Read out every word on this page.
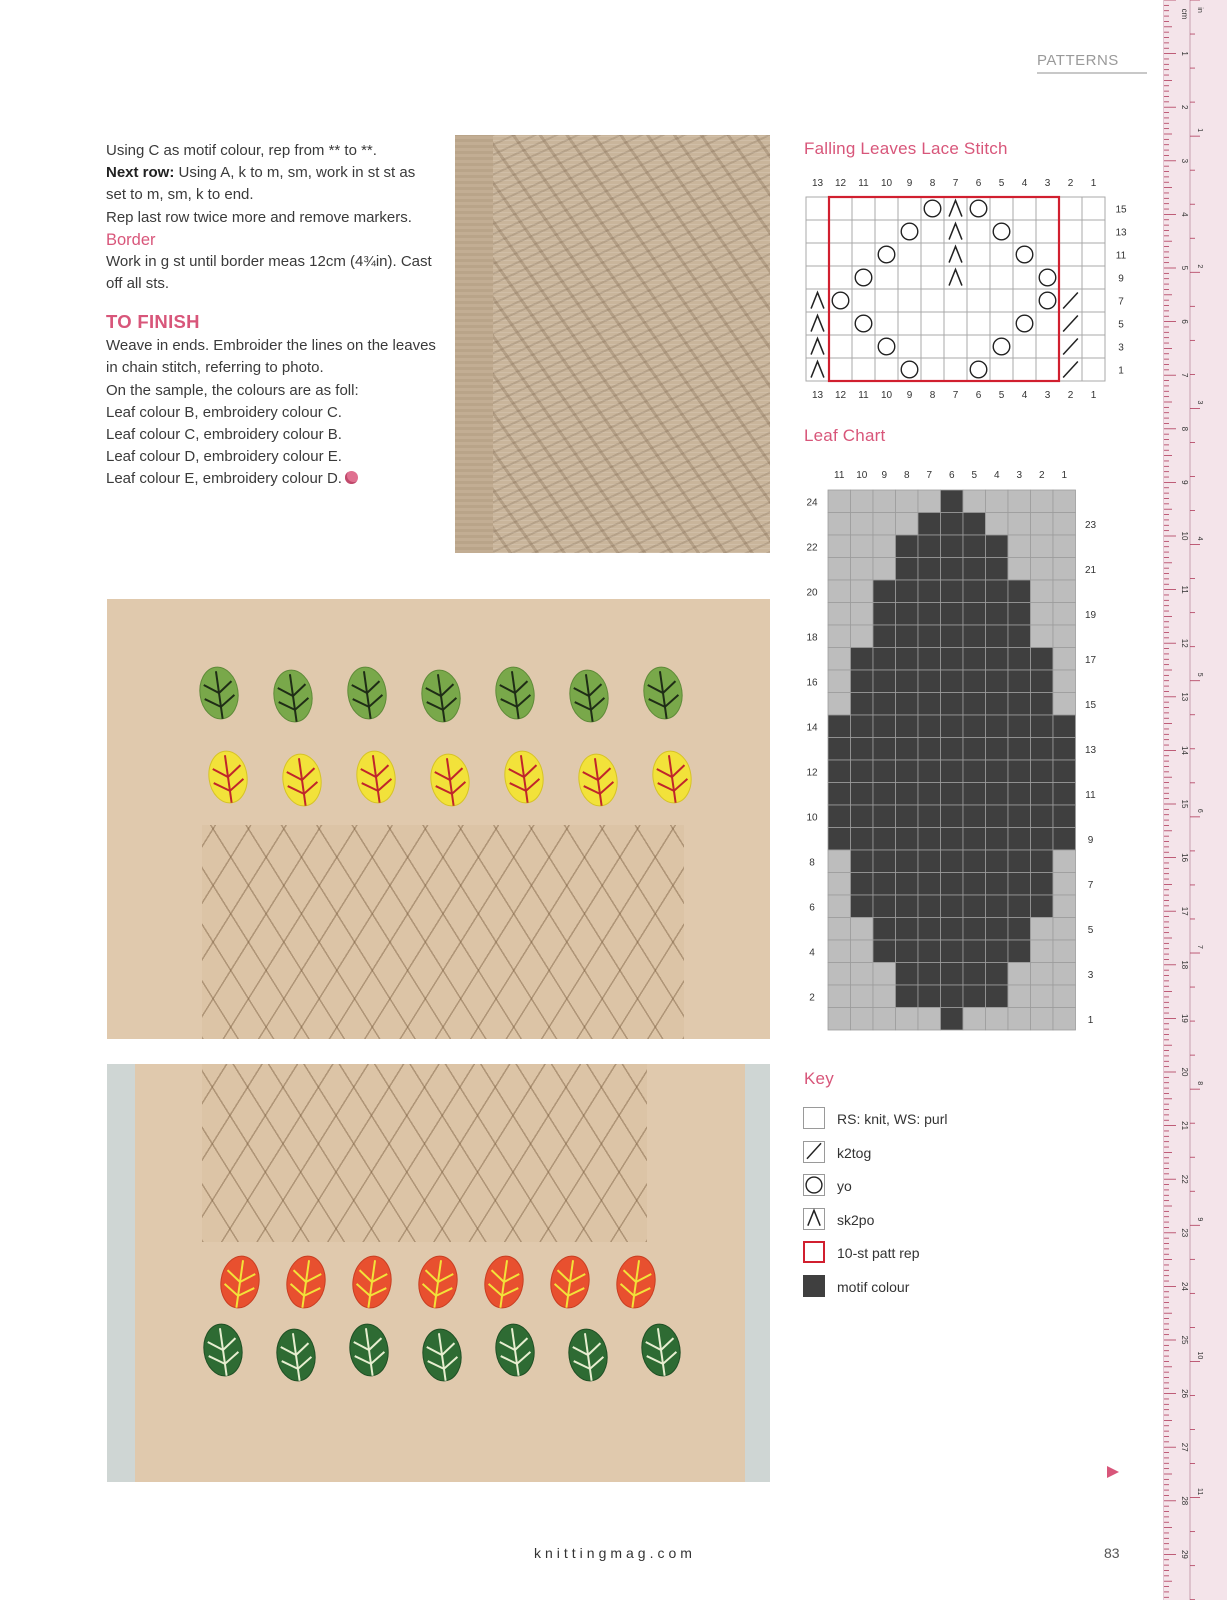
PATTERNS

Using C as motif colour, rep from ** to **.

Next row: Using A, k to m, sm, work in st st as set to m, sm, k to end.

Rep last row twice more and remove markers.

Border

Work in g st until border meas 12cm (4¾in). Cast off all sts.

TO FINISH

Weave in ends. Embroider the lines on the leaves in chain stitch, referring to photo.

On the sample, the colours are as foll:

Leaf colour B, embroidery colour C.

Leaf colour C, embroidery colour B.

Leaf colour D, embroidery colour E.

Leaf colour E, embroidery colour D.

Falling Leaves Lace Stitch
13
13
12
12
11
11
10
10
9
9
8
8
7
7
6
6
5
5
4
4
3
3
2
2
1
1
15
13
11
9
7
5
3
1
Leaf Chart
11 10 9 8 7 6 5 4 3 2 1
24
22
20
18
16
14
12
10
8
6
4
2
23
21
19
17
15
13
11
9
7
5
3
1
Key
RS: knit, WS: purl
k2tog
yo
sk2po
10-st patt rep
motif colour
knittingmag.com	83
cm
1
2
3
4
5
6
7
8
9
10
11
12
13
14
15
16
17
18
19
20
21
22
23
24
25
26
27
28
29
in
1
2
3
4
5
6
7
8
9
10
11
